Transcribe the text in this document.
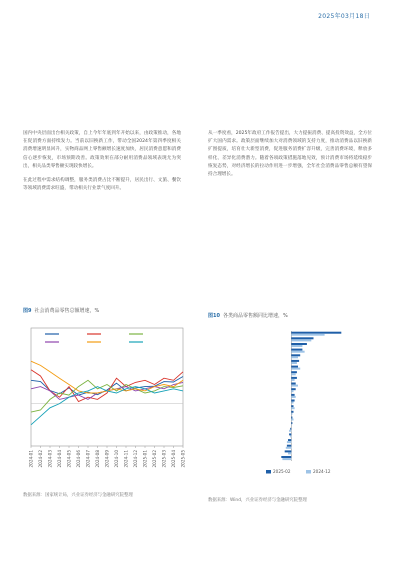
2025年03月18日

国内中央层面出台相关政策，自上今年年底到年开始以来，由政策推动，各地在促消费方面持续发力。当前以旧换新工作，带动全国2024年第四季度相关消费增速明显回升，实物商品网上零售额增长速度加快，居民消费意愿和消费信心逐步恢复，市场预期改善。政策效果在部分耐用消费品领域表现尤为突出，相关品类零售额实现较快增长。

在此过程中需求结构调整，服务类消费占比不断提升，居民出行、文旅、餐饮等领域消费需求旺盛，带动相关行业景气度回升。

从一季度看，2025年政府工作报告提出，大力提振消费、提高投资效益，全方位扩大国内需求。政策层面继续加大对消费领域的支持力度，推动消费品以旧换新扩围提质，培育壮大新型消费，促进服务消费扩容升级，完善消费环境，释放多样化、差异化消费潜力。随着各项政策措施落地见效，预计消费市场将延续稳步恢复态势，对经济增长的拉动作用进一步增强，全年社会消费品零售总额有望保持合理增长。

图9 社会消费品零售总额增速，%
2024-01 2024-02 2024-03 2024-04 2024-05 2024-06 2024-07 2024-08 2024-09 2024-10 2024-11 2024-12 2025-01 2025-02 2025-03 2025-04 2025-05
数据来源：国家统计局，兴业证券经济与金融研究院整理
图10 各类商品零售额同比增速，%
2025-02	2024-12
数据来源：Wind，兴业证券经济与金融研究院整理
